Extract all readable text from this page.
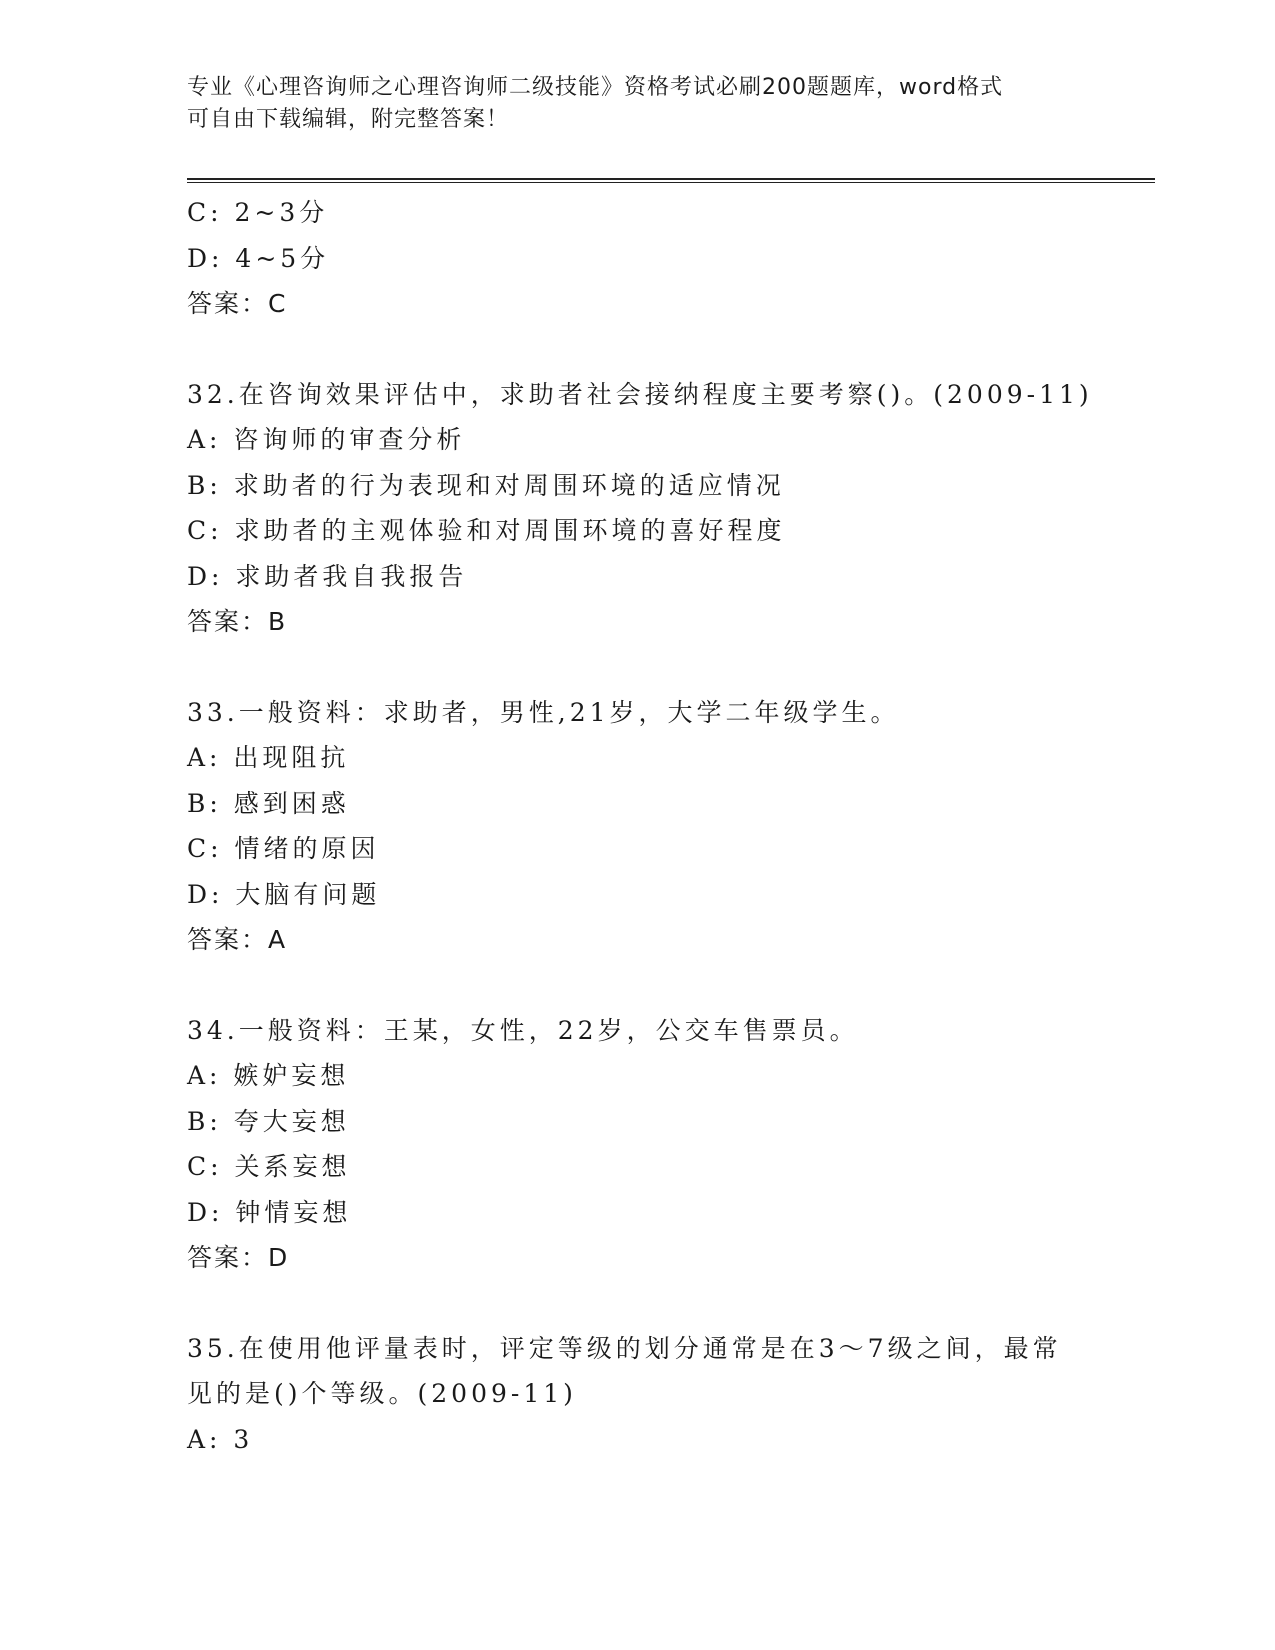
专业《心理咨询师之心理咨询师二级技能》资格考试必刷200题题库，word格式
可自由下载编辑，附完整答案！
C: 2~3分
D: 4~5分
答案：C
32.在咨询效果评估中，求助者社会接纳程度主要考察()。(2009-11)
A: 咨询师的审查分析
B: 求助者的行为表现和对周围环境的适应情况
C: 求助者的主观体验和对周围环境的喜好程度
D: 求助者我自我报告
答案：B
33.一般资料：求助者，男性,21岁，大学二年级学生。
A: 出现阻抗
B: 感到困惑
C: 情绪的原因
D: 大脑有问题
答案：A
34.一般资料：王某，女性，22岁，公交车售票员。
A: 嫉妒妄想
B: 夸大妄想
C: 关系妄想
D: 钟情妄想
答案：D
35.在使用他评量表时，评定等级的划分通常是在3～7级之间，最常
见的是()个等级。(2009-11)
A: 3
